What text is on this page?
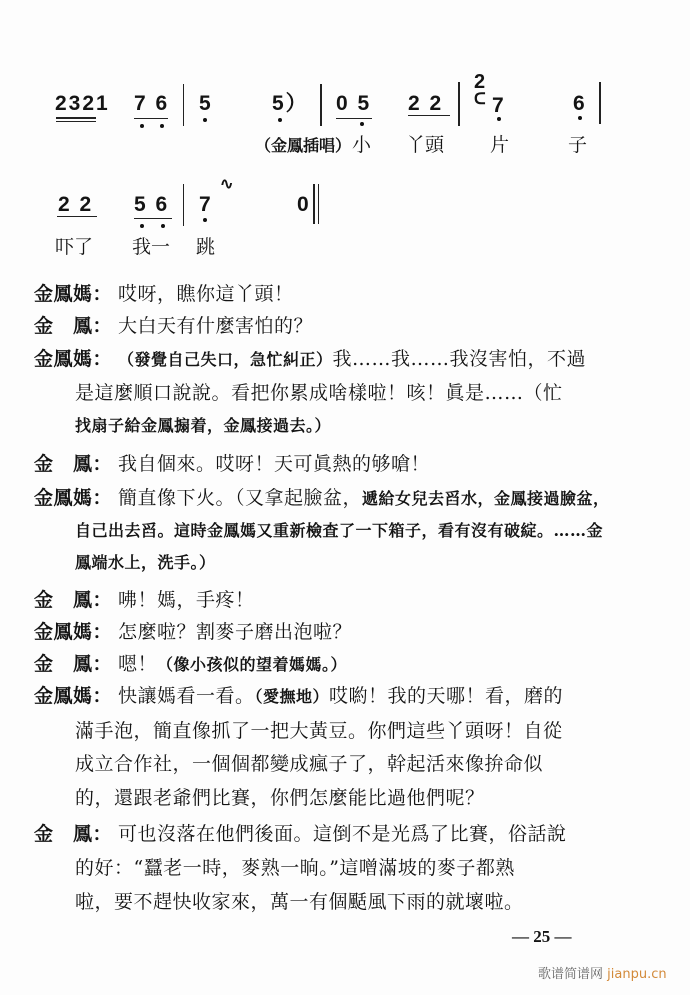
2321 7 6 5	5） 0 5 2 2
2
ᑕ 7	6
（金鳳插唱） 小 丫頭 片	子
2 2 5 6 7
∿
0
吓了 我一 跳
金鳳媽： 哎呀，瞧你這丫頭！
金　鳳： 大白天有什麼害怕的？
金鳳媽： （發覺自己失口，急忙糾正）我……我……我沒害怕，不過
是這麼順口說說。看把你累成啥樣啦！咳！眞是……（忙
找扇子給金鳳搧着，金鳳接過去。）
金　鳳： 我自個來。哎呀！天可眞熱的够嗆！
金鳳媽： 簡直像下火。（又拿起臉盆，遞給女兒去舀水，金鳳接過臉盆，
自己出去舀。這時金鳳媽又重新檢査了一下箱子，看有沒有破綻。……金
鳳端水上，洗手。）
金　鳳： 咈！媽，手疼！
金鳳媽： 怎麼啦？割麥子磨出泡啦？
金　鳳： 嗯！（像小孩似的望着媽媽。）
金鳳媽： 快讓媽看一看。（愛撫地）哎喲！我的天哪！看，磨的
滿手泡，簡直像抓了一把大黃豆。你們這些丫頭呀！自從
成立合作社，一個個都變成瘋子了，幹起活來像拚命似
的，還跟老爺們比賽，你們怎麼能比過他們呢？
金　鳳： 可也沒落在他們後面。這倒不是光爲了比賽，俗話說
的好：“蠶老一時，麥熟一晌。”這噌滿坡的麥子都熟
啦，要不趕快收家來，萬一有個颳風下雨的就壞啦。
— 25 —
歌谱简谱网 jianpu.cn
